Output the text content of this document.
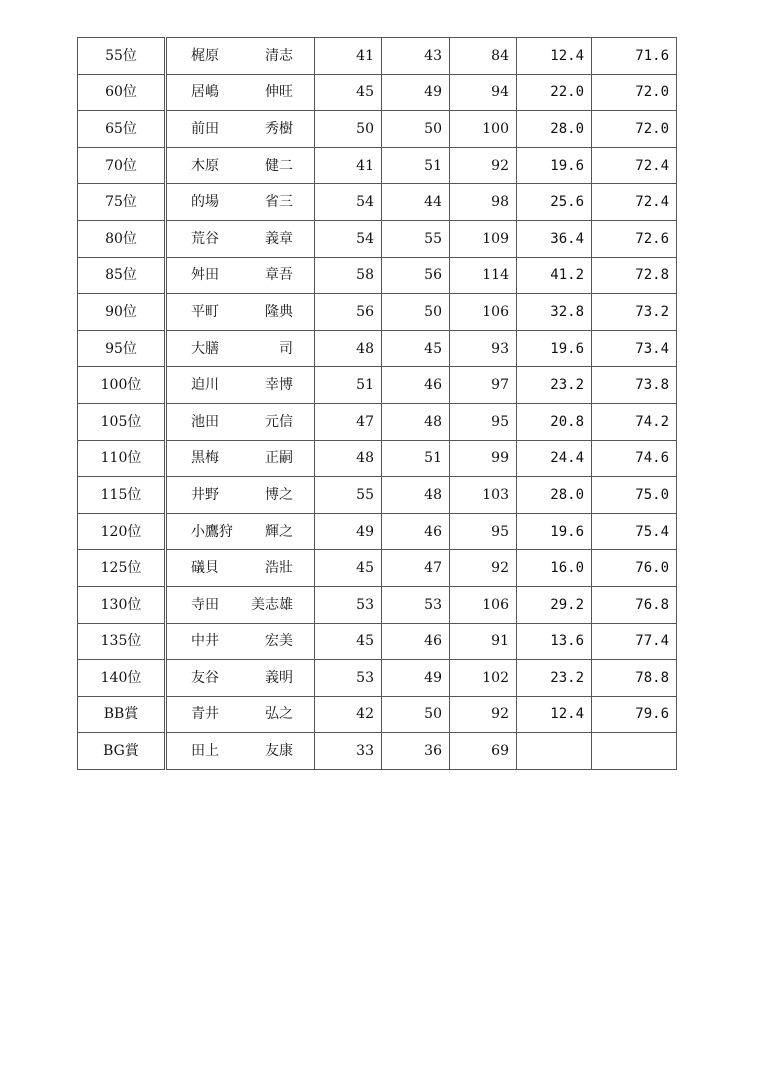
55位	梶原 清志	41	43	84	12.4	71.6
60位	居嶋 伸旺	45	49	94	22.0	72.0
65位	前田 秀樹	50	50	100	28.0	72.0
70位	木原 健二	41	51	92	19.6	72.4
75位	的場 省三	54	44	98	25.6	72.4
80位	荒谷 義章	54	55	109	36.4	72.6
85位	舛田 章吾	58	56	114	41.2	72.8
90位	平町 隆典	56	50	106	32.8	73.2
95位	大膳 司	48	45	93	19.6	73.4
100位	迫川 幸博	51	46	97	23.2	73.8
105位	池田 元信	47	48	95	20.8	74.2
110位	黒梅 正嗣	48	51	99	24.4	74.6
115位	井野 博之	55	48	103	28.0	75.0
120位	小鷹狩 輝之	49	46	95	19.6	75.4
125位	礒貝 浩壯	45	47	92	16.0	76.0
130位	寺田 美志雄	53	53	106	29.2	76.8
135位	中井 宏美	45	46	91	13.6	77.4
140位	友谷 義明	53	49	102	23.2	78.8
BB賞	青井 弘之	42	50	92	12.4	79.6
BG賞	田上 友康	33	36	69		
